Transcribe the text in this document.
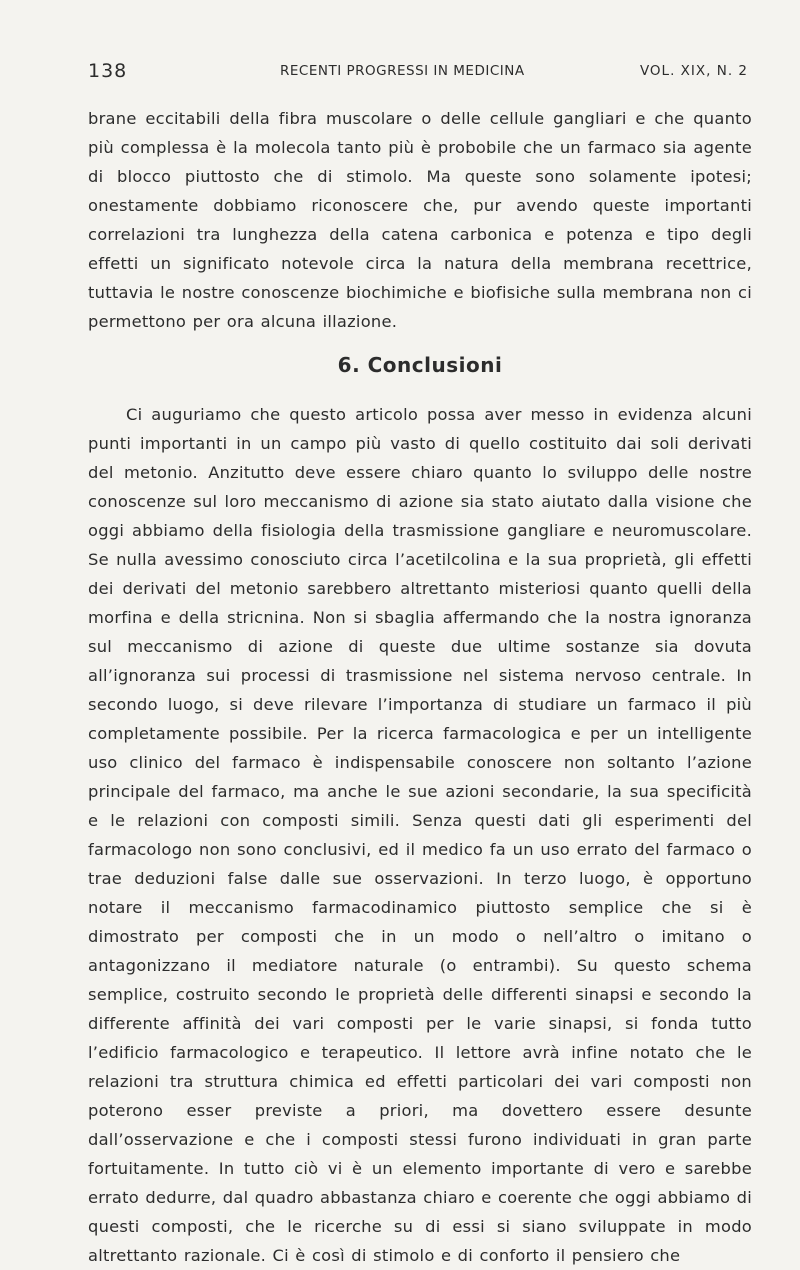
138	RECENTI PROGRESSI IN MEDICINA	VOL. XIX, N. 2

brane eccitabili della fibra muscolare o delle cellule gangliari e che quanto più complessa è la molecola tanto più è probobile che un farmaco sia agente di blocco piuttosto che di stimolo. Ma queste sono solamente ipotesi; onestamente dobbiamo riconoscere che, pur avendo queste importanti correlazioni tra lunghezza della catena carbonica e potenza e tipo degli effetti un significato notevole circa la natura della membrana recettrice, tuttavia le nostre conoscenze biochimiche e biofisiche sulla membrana non ci permettono per ora alcuna illazione.

6. Conclusioni

Ci auguriamo che questo articolo possa aver messo in evidenza alcuni punti importanti in un campo più vasto di quello costituito dai soli derivati del metonio. Anzitutto deve essere chiaro quanto lo sviluppo delle nostre conoscenze sul loro meccanismo di azione sia stato aiutato dalla visione che oggi abbiamo della fisiologia della trasmissione gangliare e neuromuscolare. Se nulla avessimo conosciuto circa l’acetilcolina e la sua proprietà, gli effetti dei derivati del metonio sarebbero altrettanto misteriosi quanto quelli della morfina e della stricnina. Non si sbaglia affermando che la nostra ignoranza sul meccanismo di azione di queste due ultime sostanze sia dovuta all’ignoranza sui processi di trasmissione nel sistema nervoso centrale. In secondo luogo, si deve rilevare l’importanza di studiare un farmaco il più completamente possibile. Per la ricerca farmacologica e per un intelligente uso clinico del farmaco è indispensabile conoscere non soltanto l’azione principale del farmaco, ma anche le sue azioni secondarie, la sua specificità e le relazioni con composti simili. Senza questi dati gli esperimenti del farmacologo non sono conclusivi, ed il medico fa un uso errato del farmaco o trae deduzioni false dalle sue osservazioni. In terzo luogo, è opportuno notare il meccanismo farmacodinamico piuttosto semplice che si è dimostrato per composti che in un modo o nell’altro o imitano o antagonizzano il mediatore naturale (o entrambi). Su questo schema semplice, costruito secondo le proprietà delle differenti sinapsi e secondo la differente affinità dei vari composti per le varie sinapsi, si fonda tutto l’edificio farmacologico e terapeutico. Il lettore avrà infine notato che le relazioni tra struttura chimica ed effetti particolari dei vari composti non poterono esser previste a priori, ma dovettero essere desunte dall’osservazione e che i composti stessi furono individuati in gran parte fortuitamente. In tutto ciò vi è un elemento importante di vero e sarebbe errato dedurre, dal quadro abbastanza chiaro e coerente che oggi abbiamo di questi composti, che le ricerche su di essi si siano sviluppate in modo altrettanto razionale. Ci è così di stimolo e di conforto il pensiero che
